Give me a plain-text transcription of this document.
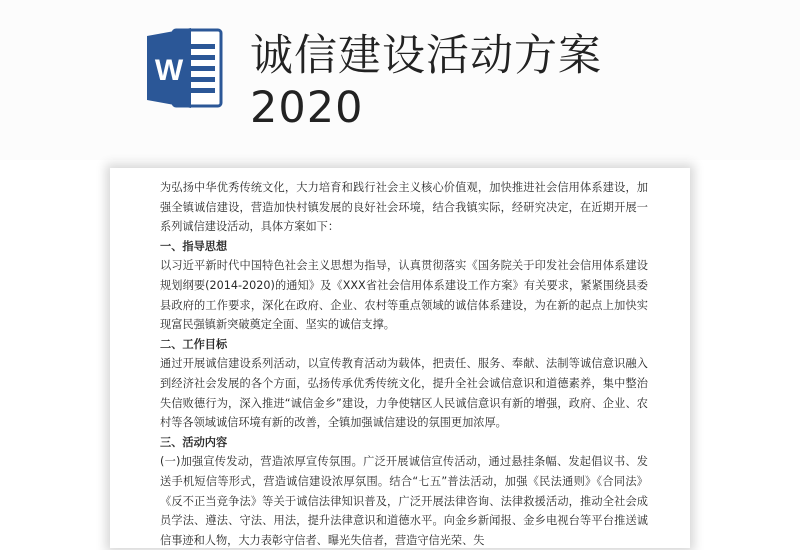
W 诚信建设活动方案2020

为弘扬中华优秀传统文化，大力培育和践行社会主义核心价值观，加快推进社会信用体系建设，加强全镇诚信建设，营造加快村镇发展的良好社会环境，结合我镇实际，经研究决定，在近期开展一系列诚信建设活动，具体方案如下：

一、指导思想

以习近平新时代中国特色社会主义思想为指导，认真贯彻落实《国务院关于印发社会信用体系建设规划纲要(2014-2020)的通知》及《XXX省社会信用体系建设工作方案》有关要求，紧紧围绕县委县政府的工作要求，深化在政府、企业、农村等重点领域的诚信体系建设，为在新的起点上加快实现富民强镇新突破奠定全面、坚实的诚信支撑。

二、工作目标

通过开展诚信建设系列活动，以宣传教育活动为载体，把责任、服务、奉献、法制等诚信意识融入到经济社会发展的各个方面，弘扬传承优秀传统文化，提升全社会诚信意识和道德素养，集中整治失信败德行为，深入推进“诚信金乡”建设，力争使辖区人民诚信意识有新的增强，政府、企业、农村等各领域诚信环境有新的改善，全镇加强诚信建设的氛围更加浓厚。

三、活动内容

(一)加强宣传发动，营造浓厚宣传氛围。广泛开展诚信宣传活动，通过悬挂条幅、发起倡议书、发送手机短信等形式，营造诚信建设浓厚氛围。结合“七五”普法活动，加强《民法通则》《合同法》《反不正当竞争法》等关于诚信法律知识普及，广泛开展法律咨询、法律救援活动，推动全社会成员学法、遵法、守法、用法，提升法律意识和道德水平。向金乡新闻报、金乡电视台等平台推送诚信事迹和人物，大力表彰守信者、曝光失信者，营造守信光荣、失
